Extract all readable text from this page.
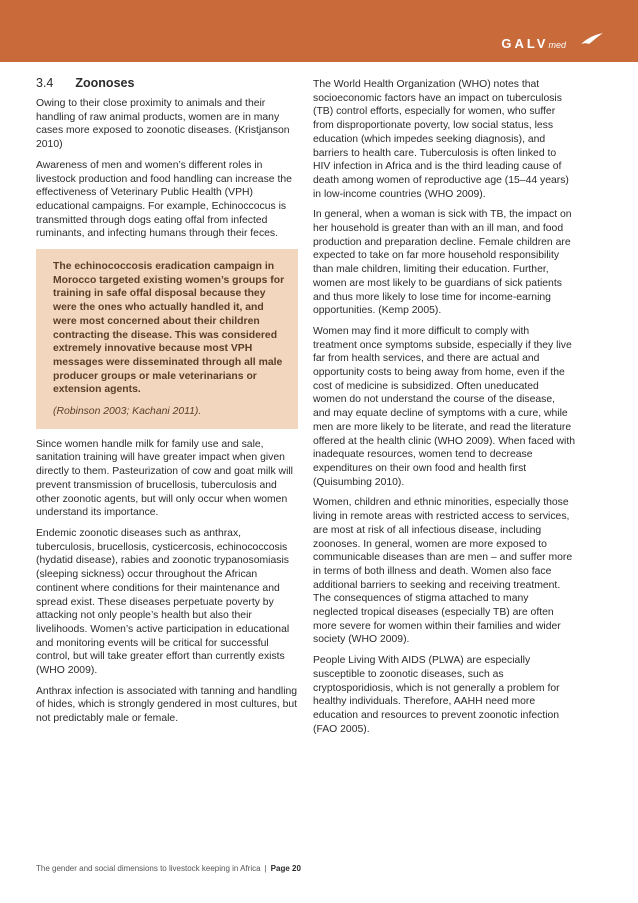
GALVmed
3.4 Zoonoses

Owing to their close proximity to animals and their handling of raw animal products, women are in many cases more exposed to zoonotic diseases. (Kristjanson 2010)

Awareness of men and women’s different roles in livestock production and food handling can increase the effectiveness of Veterinary Public Health (VPH) educational campaigns. For example, Echinoccocus is transmitted through dogs eating offal from infected ruminants, and infecting humans through their feces.

The echinococcosis eradication campaign in Morocco targeted existing women’s groups for training in safe offal disposal because they were the ones who actually handled it, and were most concerned about their children contracting the disease. This was considered extremely innovative because most VPH messages were disseminated through all male producer groups or male veterinarians or extension agents.

(Robinson 2003; Kachani 2011).

Since women handle milk for family use and sale, sanitation training will have greater impact when given directly to them. Pasteurization of cow and goat milk will prevent transmission of brucellosis, tuberculosis and other zoonotic agents, but will only occur when women understand its importance.

Endemic zoonotic diseases such as anthrax, tuberculosis, brucellosis, cysticercosis, echinococcosis (hydatid disease), rabies and zoonotic trypanosomiasis (sleeping sickness) occur throughout the African continent where conditions for their maintenance and spread exist. These diseases perpetuate poverty by attacking not only people’s health but also their livelihoods. Women’s active participation in educational and monitoring events will be critical for successful control, but will take greater effort than currently exists (WHO 2009).

Anthrax infection is associated with tanning and handling of hides, which is strongly gendered in most cultures, but not predictably male or female.

The World Health Organization (WHO) notes that socioeconomic factors have an impact on tuberculosis (TB) control efforts, especially for women, who suffer from disproportionate poverty, low social status, less education (which impedes seeking diagnosis), and barriers to health care. Tuberculosis is often linked to HIV infection in Africa and is the third leading cause of death among women of reproductive age (15–44 years) in low-income countries (WHO 2009).

In general, when a woman is sick with TB, the impact on her household is greater than with an ill man, and food production and preparation decline. Female children are expected to take on far more household responsibility than male children, limiting their education. Further, women are most likely to be guardians of sick patients and thus more likely to lose time for income-earning opportunities. (Kemp 2005).

Women may find it more difficult to comply with treatment once symptoms subside, especially if they live far from health services, and there are actual and opportunity costs to being away from home, even if the cost of medicine is subsidized. Often uneducated women do not understand the course of the disease, and may equate decline of symptoms with a cure, while men are more likely to be literate, and read the literature offered at the health clinic (WHO 2009). When faced with inadequate resources, women tend to decrease expenditures on their own food and health first (Quisumbing 2010).

Women, children and ethnic minorities, especially those living in remote areas with restricted access to services, are most at risk of all infectious disease, including zoonoses. In general, women are more exposed to communicable diseases than are men – and suffer more in terms of both illness and death. Women also face additional barriers to seeking and receiving treatment. The consequences of stigma attached to many neglected tropical diseases (especially TB) are often more severe for women within their families and wider society (WHO 2009).

People Living With AIDS (PLWA) are especially susceptible to zoonotic diseases, such as cryptosporidiosis, which is not generally a problem for healthy individuals. Therefore, AAHH need more education and resources to prevent zoonotic infection (FAO 2005).

The gender and social dimensions to livestock keeping in Africa | Page 20
